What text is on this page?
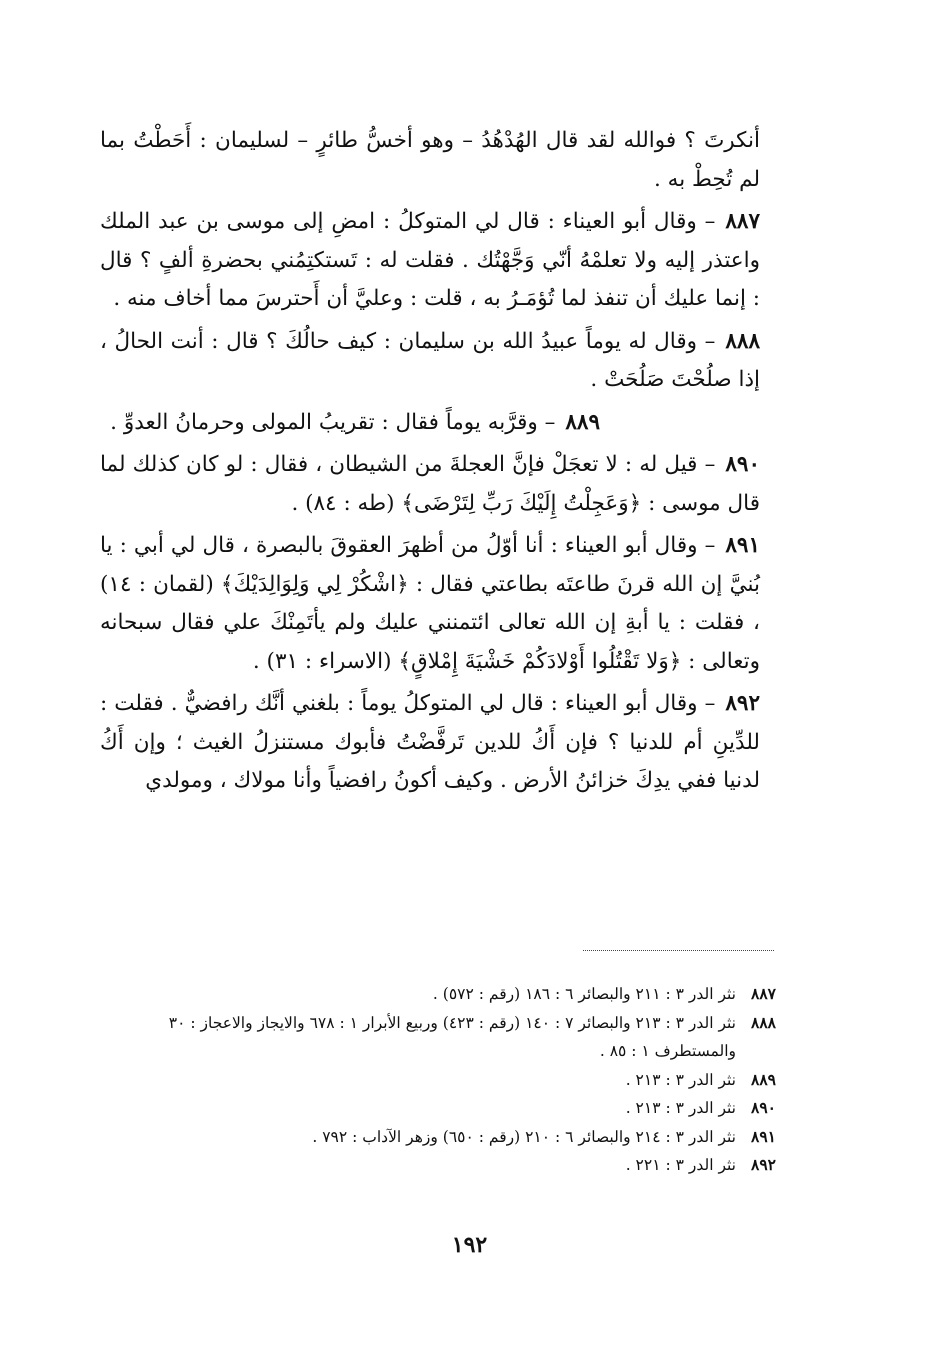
أنكرتَ ؟ فوالله لقد قال الهُدْهُدُ – وهو أخسُّ طائرٍ – لسليمان : أَحَطْتُ بما لم تُحِطْ به .

٨٨٧– وقال أبو العيناء : قال لي المتوكلُ : امضِ إلى موسى بن عبد الملك واعتذر إليه ولا تعلمْهُ أنّي وَجَّهْتُك . فقلت له : تَستكتِمُني بحضرةِ ألفٍ ؟ قال : إنما عليك أن تنفذ لما تُؤمَـرُ به ، قلت : وعليَّ أن أَحترسَ مما أخاف منه .

٨٨٨– وقال له يوماً عبيدُ الله بن سليمان : كيف حالُكَ ؟ قال : أنت الحالُ ، إذا صلُحْتَ صَلُحَتْ .

٨٨٩– وقرَّبه يوماً فقال : تقريبُ المولى وحرمانُ العدوِّ .

٨٩٠– قيل له : لا تعجَلْ فإنَّ العجلةَ من الشيطان ، فقال : لو كان كذلك لما قال موسى : ﴿وَعَجِلْتُ إِلَيْكَ رَبِّ لِتَرْضَى﴾ (طه : ٨٤) .

٨٩١– وقال أبو العيناء : أنا أوّلُ من أظهرَ العقوقَ بالبصرة ، قال لي أبي : يا بُنيَّ إن الله قرنَ طاعتَه بطاعتي فقال : ﴿اشْكُرْ لِي وَلِوَالِدَيْكَ﴾ (لقمان : ١٤) ، فقلت : يا أبةِ إن الله تعالى ائتمنني عليك ولم يأتَمِنْكَ علي فقال سبحانه وتعالى : ﴿وَلا تَقْتُلُوا أَوْلادَكُمْ خَشْيَةَ إِمْلاقٍ﴾ (الاسراء : ٣١) .

٨٩٢– وقال أبو العيناء : قال لي المتوكلُ يوماً : بلغني أنَّك رافضيٌّ . فقلت : للدِّينِ أم للدنيا ؟ فإن أَكُ للدين تَرفَّضْتُ فأبوك مستنزلُ الغيث ؛ وإن أَكُ لدنيا ففي يدِكَ خزائنُ الأرض . وكيف أكونُ رافضياً وأنا مولاك ، ومولدي

٨٨٧
نثر الدر ٣ : ٢١١ والبصائر ٦ : ١٨٦ (رقم : ٥٧٢) .
٨٨٨
نثر الدر ٣ : ٢١٣ والبصائر ٧ : ١٤٠ (رقم : ٤٢٣) وربيع الأبرار ١ : ٦٧٨ والايجاز والاعجاز : ٣٠ والمستطرف ١ : ٨٥ .
٨٨٩
نثر الدر ٣ : ٢١٣ .
٨٩٠
نثر الدر ٣ : ٢١٣ .
٨٩١
نثر الدر ٣ : ٢١٤ والبصائر ٦ : ٢١٠ (رقم : ٦٥٠) وزهر الآداب : ٧٩٢ .
٨٩٢
نثر الدر ٣ : ٢٢١ .
١٩٢
